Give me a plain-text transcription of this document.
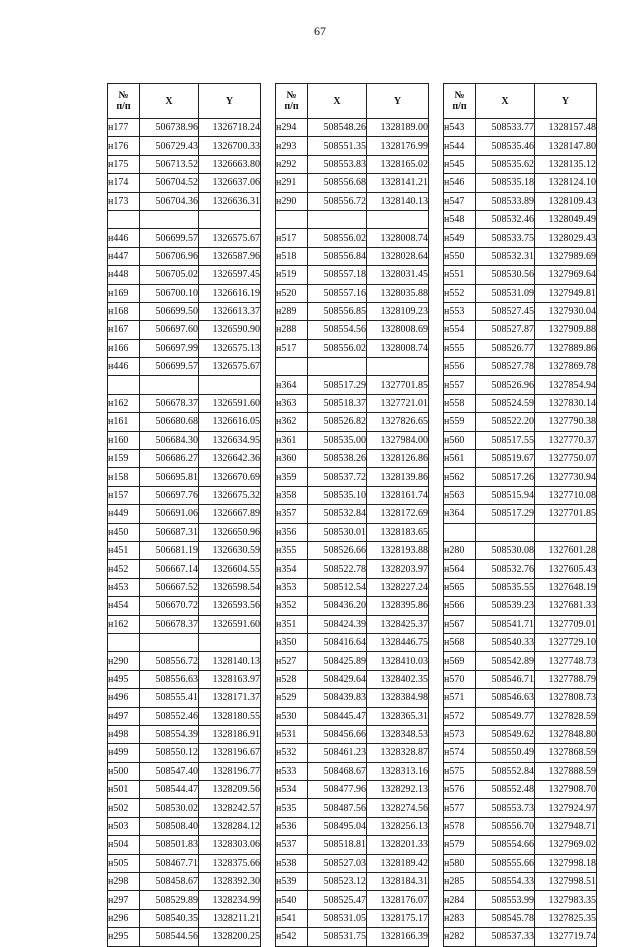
67
№
п/п	X	Y
н177	506738.96	1326718.24
н176	506729.43	1326700.33
н175	506713.52	1326663.80
н174	506704.52	1326637.06
н173	506704.36	1326636.31

н446	506699.57	1326575.67
н447	506706.96	1326587.96
н448	506705.02	1326597.45
н169	506700.10	1326616.19
н168	506699.50	1326613.37
н167	506697.60	1326590.90
н166	506697.99	1326575.13
н446	506699.57	1326575.67

н162	506678.37	1326591.60
н161	506680.68	1326616.05
н160	506684.30	1326634.95
н159	506686.27	1326642.36
н158	506695.81	1326670.69
н157	506697.76	1326675.32
н449	506691.06	1326667.89
н450	506687.31	1326650.96
н451	506681.19	1326630.59
н452	506667.14	1326604.55
н453	506667.52	1326598.54
н454	506670.72	1326593.56
н162	506678.37	1326591.60

н290	508556.72	1328140.13
н495	508556.63	1328163.97
н496	508555.41	1328171.37
н497	508552.46	1328180.55
н498	508554.39	1328186.91
н499	508550.12	1328196.67
н500	508547.40	1328196.77
н501	508544.47	1328209.56
н502	508530.02	1328242.57
н503	508508.40	1328284.12
н504	508501.83	1328303.06
н505	508467.71	1328375.66
н298	508458.67	1328392.30
н297	508529.89	1328234.99
н296	508540.35	1328211.21
н295	508544.56	1328200.25
№
п/п	X	Y
н294	508548.26	1328189.00
н293	508551.35	1328176.99
н292	508553.83	1328165.02
н291	508556.68	1328141.21
н290	508556.72	1328140.13

н517	508556.02	1328008.74
н518	508556.84	1328028.64
н519	508557.18	1328031.45
н520	508557.16	1328035.88
н289	508556.85	1328109.23
н288	508554.56	1328008.69
н517	508556.02	1328008.74

н364	508517.29	1327701.85
н363	508518.37	1327721.01
н362	508526.82	1327826.65
н361	508535.00	1327984.00
н360	508538.26	1328126.86
н359	508537.72	1328139.86
н358	508535.10	1328161.74
н357	508532.84	1328172.69
н356	508530.01	1328183.65
н355	508526.66	1328193.88
н354	508522.78	1328203.97
н353	508512.54	1328227.24
н352	508436.20	1328395.86
н351	508424.39	1328425.37
н350	508416.64	1328446.75
н527	508425.89	1328410.03
н528	508429.64	1328402.35
н529	508439.83	1328384.98
н530	508445.47	1328365.31
н531	508456.66	1328348.53
н532	508461.23	1328328.87
н533	508468.67	1328313.16
н534	508477.96	1328292.13
н535	508487.56	1328274.56
н536	508495.04	1328256.13
н537	508518.81	1328201.33
н538	508527.03	1328189.42
н539	508523.12	1328184.31
н540	508525.47	1328176.07
н541	508531.05	1328175.17
н542	508531.75	1328166.39
№
п/п	X	Y
н543	508533.77	1328157.48
н544	508535.46	1328147.80
н545	508535.62	1328135.12
н546	508535.18	1328124.10
н547	508533.89	1328109.43
н548	508532.46	1328049.49
н549	508533.75	1328029.43
н550	508532.31	1327989.69
н551	508530.56	1327969.64
н552	508531.09	1327949.81
н553	508527.45	1327930.04
н554	508527.87	1327909.88
н555	508526.77	1327889.86
н556	508527.78	1327869.78
н557	508526.96	1327854.94
н558	508524.59	1327830.14
н559	508522.20	1327790.38
н560	508517.55	1327770.37
н561	508519.67	1327750.07
н562	508517.26	1327730.94
н563	508515.94	1327710.08
н364	508517.29	1327701.85

н280	508530.08	1327601.28
н564	508532.76	1327605.43
н565	508535.55	1327648.19
н566	508539.23	1327681.33
н567	508541.71	1327709.01
н568	508540.33	1327729.10
н569	508542.89	1327748.73
н570	508546.71	1327788.79
н571	508546.63	1327808.73
н572	508549.77	1327828.59
н573	508549.62	1327848.80
н574	508550.49	1327868.59
н575	508552.84	1327888.59
н576	508552.48	1327908.70
н577	508553.73	1327924.97
н578	508556.70	1327948.71
н579	508554.66	1327969.02
н580	508555.66	1327998.18
н285	508554.33	1327998.51
н284	508553.99	1327983.35
н283	508545.78	1327825.35
н282	508537.33	1327719.74
